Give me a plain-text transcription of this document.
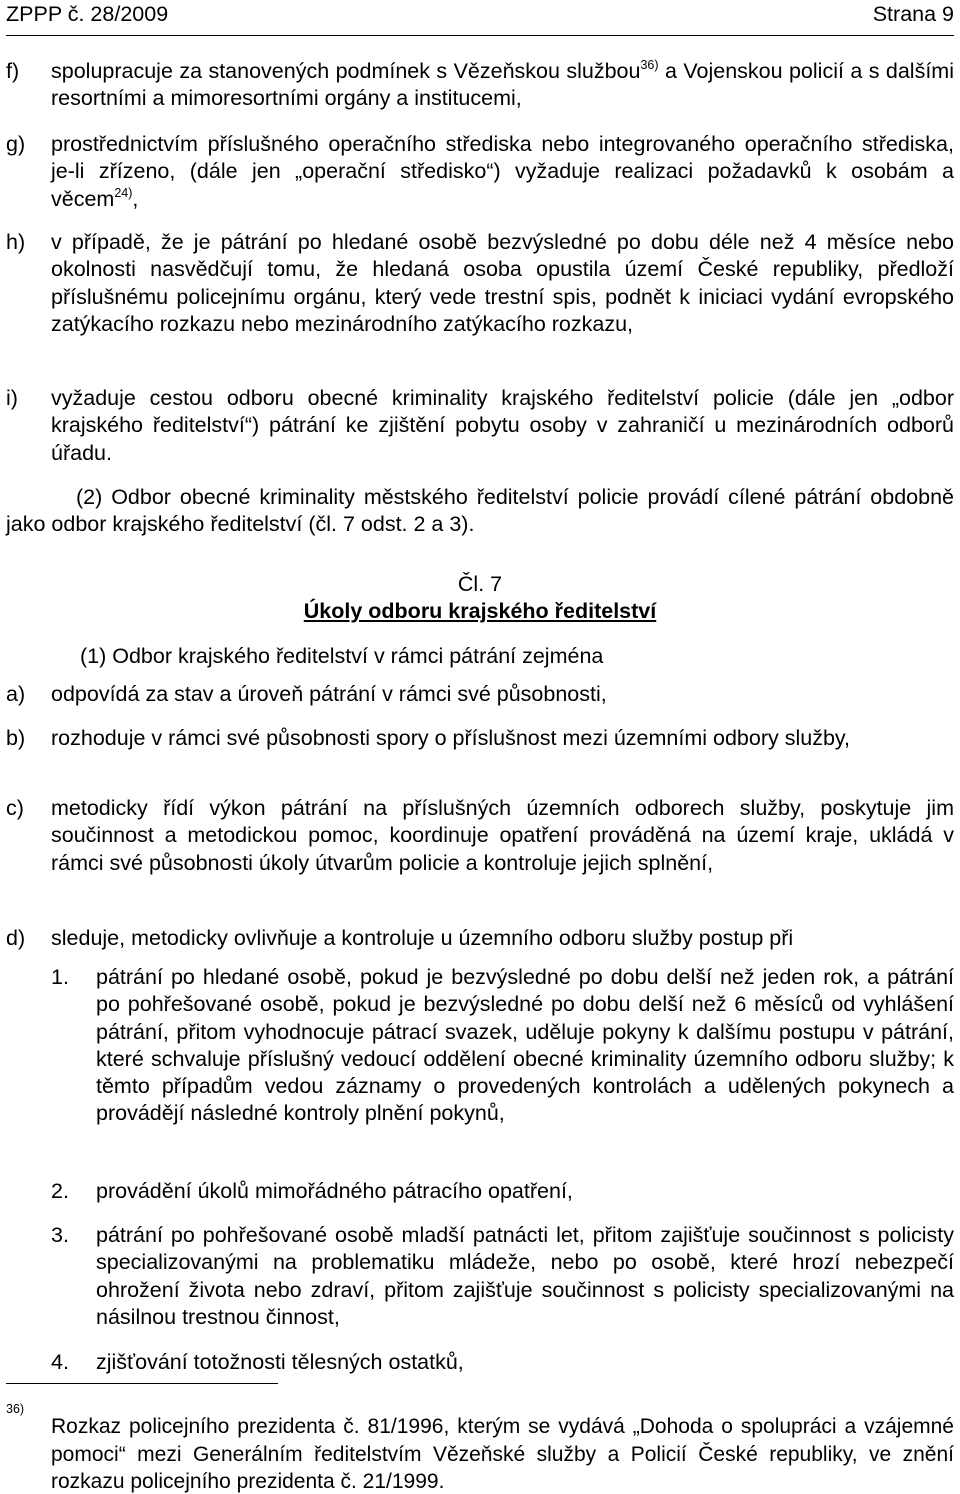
ZPPP č. 28/2009	Strana 9
f) spolupracuje za stanovených podmínek s Vězeňskou službou$^{36)}$ a Vojenskou policií a s dalšími resortními a mimoresortními orgány a institucemi,
g) prostřednictvím příslušného operačního střediska nebo integrovaného operačního střediska, je-li zřízeno, (dále jen „operační středisko“) vyžaduje realizaci požadavků k osobám a věcem$^{24)}$,
h) v případě, že je pátrání po hledané osobě bezvýsledné po dobu déle než 4 měsíce nebo okolnosti nasvědčují tomu, že hledaná osoba opustila území České republiky, předloží příslušnému policejnímu orgánu, který vede trestní spis, podnět k iniciaci vydání evropského zatýkacího rozkazu nebo mezinárodního zatýkacího rozkazu,
i) vyžaduje cestou odboru obecné kriminality krajského ředitelství policie (dále jen „odbor krajského ředitelství“) pátrání ke zjištění pobytu osoby v zahraničí u mezinárodních odborů úřadu.
(2) Odbor obecné kriminality městského ředitelství policie provádí cílené pátrání obdobně jako odbor krajského ředitelství (čl. 7 odst. 2 a 3).
Čl. 7
Úkoly odboru krajského ředitelství
(1) Odbor krajského ředitelství v rámci pátrání zejména
a) odpovídá za stav a úroveň pátrání v rámci své působnosti,
b) rozhoduje v rámci své působnosti spory o příslušnost mezi územními odbory služby,
c) metodicky řídí výkon pátrání na příslušných územních odborech služby, poskytuje jim součinnost a metodickou pomoc, koordinuje opatření prováděná na území kraje, ukládá v rámci své působnosti úkoly útvarům policie a kontroluje jejich splnění,
d) sleduje, metodicky ovlivňuje a kontroluje u územního odboru služby postup při
1. pátrání po hledané osobě, pokud je bezvýsledné po dobu delší než jeden rok, a pátrání po pohřešované osobě, pokud je bezvýsledné po dobu delší než 6 měsíců od vyhlášení pátrání, přitom vyhodnocuje pátrací svazek, uděluje pokyny k dalšímu postupu v pátrání, které schvaluje příslušný vedoucí oddělení obecné kriminality územního odboru služby; k těmto případům vedou záznamy o provedených kontrolách a udělených pokynech a provádějí následné kontroly plnění pokynů,
2. provádění úkolů mimořádného pátracího opatření,
3. pátrání po pohřešované osobě mladší patnácti let, přitom zajišťuje součinnost s policisty specializovanými na problematiku mládeže, nebo po osobě, které hrozí nebezpečí ohrožení života nebo zdraví, přitom zajišťuje součinnost s policisty specializovanými na násilnou trestnou činnost,
4. zjišťování totožnosti tělesných ostatků,
36)
Rozkaz policejního prezidenta č. 81/1996, kterým se vydává „Dohoda o spolupráci a vzájemné pomoci“ mezi Generálním ředitelstvím Vězeňské služby a Policií České republiky, ve znění rozkazu policejního prezidenta č. 21/1999.
